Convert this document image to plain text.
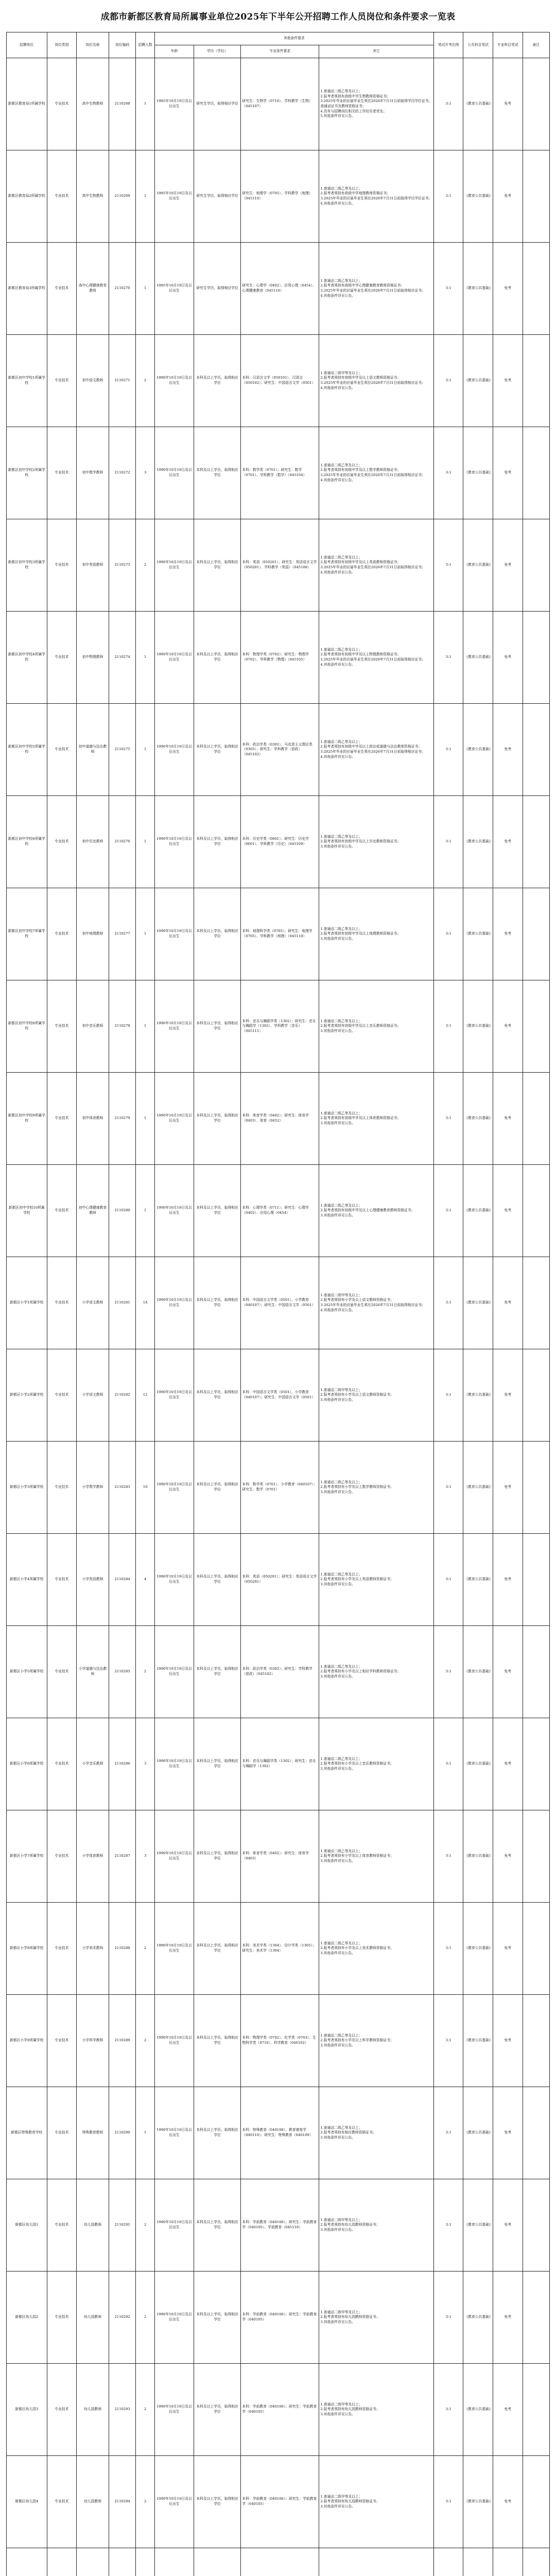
成都市新都区教育局所属事业单位2025年下半年公开招聘工作人员岗位和条件要求一览表
招聘单位	岗位类别	岗位名称	岗位编码	招聘人数	其他条件要求				笔试开考比例	公共科目笔试	专业科目笔试	备注
					年龄	学历（学位）	专业条件要求	其它				
新都区教育局1所属学校	专业技术	高中生物教师	2110268	1	1985年10月19日及以后出生	研究生学历，取得相应学位	研究生：生物学（0710）、学科教学（生物）（045107）	1.普通话二级乙等及以上；
2.报考者须持有高级中学生物教师资格证书；
3.2025年毕业的应届毕业生须在2026年7月31日前取得学历学位证书、普通话证书及教师资格证书；
4.具有与招聘岗位相关的工作经历者优先；
5.其他条件详见公告。	3:1	《教育公共基础》	免考	
新都区教育局2所属学校	专业技术	高中生物教师	2110269	1	1985年10月19日及以后出生	研究生学历，取得相应学位	研究生：地理学（0705）、学科教学（地理）（045110）	1.普通话二级乙等及以上；
2.报考者须持有高级中学地理教师资格证书；
3.2025年毕业的应届毕业生须在2026年7月31日前取得学历学位证书；
4.其他条件详见公告。	3:1	《教育公共基础》	免考	
新都区教育局3所属学校	专业技术	高中心理健康教育教师	2110270	1	1985年10月19日及以后出生	研究生学历，取得相应学位	研究生：心理学（0402）、应用心理（0454）、心理健康教育（045116）	1.普通话二级乙等及以上；
2.报考者须持有高级中学心理健康教育教师资格证书；
3.2025年毕业的应届毕业生须在2026年7月31日前取得相应证书；
4.其他条件详见公告。	3:1	《教育公共基础》	免考	
新都区初中学校1所属学校	专业技术	初中语文教师	2110271	2	1990年10月19日及以后出生	本科及以上学历，取得相应学位	本科：汉语言文学（050101）、汉语言（050102）；研究生：中国语言文学（0501）	1.普通话二级甲等及以上；
2.报考者须持有初级中学及以上语文教师资格证书；
3.2025年毕业的应届毕业生须在2026年7月31日前取得相应证书；
4.其他条件详见公告。	3:1	《教育公共基础》	免考	
新都区初中学校2所属学校	专业技术	初中数学教师	2110272	3	1990年10月19日及以后出生	本科及以上学历，取得相应学位	本科：数学类（0701）；研究生：数学（0701）、学科教学（数学）（045104）	1.普通话二级乙等及以上；
2.报考者须持有初级中学及以上数学教师资格证书；
3.2025年毕业的应届毕业生须在2026年7月31日前取得相应证书；
4.其他条件详见公告。	3:1	《教育公共基础》	免考	
新都区初中学校3所属学校	专业技术	初中英语教师	2110273	2	1990年10月19日及以后出生	本科及以上学历，取得相应学位	本科：英语（050201）；研究生：英语语言文学（050201）、学科教学（英语）（045108）	1.普通话二级乙等及以上；
2.报考者须持有初级中学及以上英语教师资格证书；
3.2025年毕业的应届毕业生须在2026年7月31日前取得相应证书；
4.其他条件详见公告。	3:1	《教育公共基础》	免考	
新都区初中学校4所属学校	专业技术	初中物理教师	2110274	1	1990年10月19日及以后出生	本科及以上学历，取得相应学位	本科：物理学类（0702）；研究生：物理学（0702）、学科教学（物理）（045105）	1.普通话二级乙等及以上；
2.报考者须持有初级中学及以上物理教师资格证书；
3.2025年毕业的应届毕业生须在2026年7月31日前取得相应证书；
4.其他条件详见公告。	3:1	《教育公共基础》	免考	
新都区初中学校5所属学校	专业技术	初中道德与法治教师	2110275	1	1990年10月19日及以后出生	本科及以上学历，取得相应学位	本科：政治学类（0302）、马克思主义理论类（0305）；研究生：学科教学（思政）（045102）	1.普通话二级乙等及以上；
2.报考者须持有初级中学及以上政治或道德与法治教师资格证书；
3.2025年毕业的应届毕业生须在2026年7月31日前取得相应证书；
4.其他条件详见公告。	3:1	《教育公共基础》	免考	
新都区初中学校6所属学校	专业技术	初中历史教师	2110276	1	1990年10月19日及以后出生	本科及以上学历，取得相应学位	本科：历史学类（0601）；研究生：历史学（0601）、学科教学（历史）（045109）	1.普通话二级乙等及以上；
2.报考者须持有初级中学及以上历史教师资格证书；
3.其他条件详见公告。	3:1	《教育公共基础》	免考	
新都区初中学校7所属学校	专业技术	初中地理教师	2110277	1	1990年10月19日及以后出生	本科及以上学历，取得相应学位	本科：地理科学类（0705）；研究生：地理学（0705）、学科教学（地理）（045110）	1.普通话二级乙等及以上；
2.报考者须持有初级中学及以上地理教师资格证书；
3.其他条件详见公告。	3:1	《教育公共基础》	免考	
新都区初中学校8所属学校	专业技术	初中音乐教师	2110278	1	1990年10月19日及以后出生	本科及以上学历，取得相应学位	本科：音乐与舞蹈学类（1302）；研究生：音乐与舞蹈学（1302）、学科教学（音乐）（045111）	1.普通话二级乙等及以上；
2.报考者须持有初级中学及以上音乐教师资格证书；
3.其他条件详见公告。	3:1	《教育公共基础》	免考	
新都区初中学校9所属学校	专业技术	初中体育教师	2110279	1	1990年10月19日及以后出生	本科及以上学历，取得相应学位	本科：体育学类（0402）；研究生：体育学（0403）、体育（0452）	1.普通话二级乙等及以上；
2.报考者须持有初级中学及以上体育教师资格证书；
3.其他条件详见公告。	3:1	《教育公共基础》	免考	
新都区初中学校10所属学校	专业技术	初中心理健康教育教师	2110280	1	1990年10月19日及以后出生	本科及以上学历，取得相应学位	本科：心理学类（0711）；研究生：心理学（0402）、应用心理（0454）	1.普通话二级乙等及以上；
2.报考者须持有初级中学及以上心理健康教育教师资格证书；
3.其他条件详见公告。	3:1	《教育公共基础》	免考	
新都区小学1所属学校	专业技术	小学语文教师	2110281	14	1990年10月19日及以后出生	本科及以上学历，取得相应学位	本科：中国语言文学类（0501）、小学教育（040107）；研究生：中国语言文学（0501）	1.普通话二级甲等及以上；
2.报考者须持有小学及以上语文教师资格证书；
3.2025年毕业的应届毕业生须在2026年7月31日前取得相应证书；
4.其他条件详见公告。	3:1	《教育公共基础》	免考	
新都区小学2所属学校	专业技术	小学语文教师	2110282	12	1990年10月19日及以后出生	本科及以上学历，取得相应学位	本科：中国语言文学类（0501）、小学教育（040107）；研究生：中国语言文学（0501）	1.普通话二级甲等及以上；
2.报考者须持有小学及以上语文教师资格证书；
3.其他条件详见公告。	3:1	《教育公共基础》	免考	
新都区小学3所属学校	专业技术	小学数学教师	2110283	10	1990年10月19日及以后出生	本科及以上学历，取得相应学位	本科：数学类（0701）、小学教育（040107）；研究生：数学（0701）	1.普通话二级乙等及以上；
2.报考者须持有小学及以上数学教师资格证书；
3.其他条件详见公告。	3:1	《教育公共基础》	免考	
新都区小学4所属学校	专业技术	小学英语教师	2110284	4	1990年10月19日及以后出生	本科及以上学历，取得相应学位	本科：英语（050201）；研究生：英语语言文学（050201）	1.普通话二级乙等及以上；
2.报考者须持有小学及以上英语教师资格证书；
3.其他条件详见公告。	3:1	《教育公共基础》	免考	
新都区小学5所属学校	专业技术	小学道德与法治教师	2110285	2	1990年10月19日及以后出生	本科及以上学历，取得相应学位	本科：政治学类（0302）；研究生：学科教学（思政）（045102）	1.普通话二级乙等及以上；
2.报考者须持有小学及以上相应学科教师资格证书；
3.其他条件详见公告。	3:1	《教育公共基础》	免考	
新都区小学6所属学校	专业技术	小学音乐教师	2110286	3	1990年10月19日及以后出生	本科及以上学历，取得相应学位	本科：音乐与舞蹈学类（1302）；研究生：音乐与舞蹈学（1302）	1.普通话二级乙等及以上；
2.报考者须持有小学及以上音乐教师资格证书；
3.其他条件详见公告。	3:1	《教育公共基础》	免考	
新都区小学7所属学校	专业技术	小学体育教师	2110287	3	1990年10月19日及以后出生	本科及以上学历，取得相应学位	本科：体育学类（0402）；研究生：体育学（0403）	1.普通话二级乙等及以上；
2.报考者须持有小学及以上体育教师资格证书；
3.其他条件详见公告。	3:1	《教育公共基础》	免考	
新都区小学8所属学校	专业技术	小学美术教师	2110288	2	1990年10月19日及以后出生	本科及以上学历，取得相应学位	本科：美术学类（1304）、设计学类（1305）；研究生：美术学（1304）	1.普通话二级乙等及以上；
2.报考者须持有小学及以上美术教师资格证书；
3.其他条件详见公告。	3:1	《教育公共基础》	免考	
新都区小学9所属学校	专业技术	小学科学教师	2110289	2	1990年10月19日及以后出生	本科及以上学历，取得相应学位	本科：物理学类（0702）、化学类（0703）、生物科学类（0710）、科学教育（040102）	1.普通话二级乙等及以上；
2.报考者须持有小学及以上科学教师资格证书；
3.其他条件详见公告。	3:1	《教育公共基础》	免考	
新都区特殊教育学校	专业技术	特殊教育教师	2110290	1	1990年10月19日及以后出生	本科及以上学历，取得相应学位	本科：特殊教育（040108）、教育康复学（040110）；研究生：特殊教育（040109）	1.普通话二级乙等及以上；
2.报考者须持有相应教师资格证书；
3.其他条件详见公告。	3:1	《教育公共基础》	免考	
新都区幼儿园1	专业技术	幼儿园教师	2110291	2	1990年10月19日及以后出生	本科及以上学历，取得相应学位	本科：学前教育（040106）；研究生：学前教育学（040105）、学前教育（045118）	1.普通话二级甲等及以上；
2.报考者须持有幼儿园教师资格证书；
3.其他条件详见公告。	3:1	《教育公共基础》	免考	
新都区幼儿园2	专业技术	幼儿园教师	2110292	2	1990年10月19日及以后出生	本科及以上学历，取得相应学位	本科：学前教育（040106）；研究生：学前教育学（040105）	1.普通话二级甲等及以上；
2.报考者须持有幼儿园教师资格证书；
3.其他条件详见公告。	3:1	《教育公共基础》	免考	
新都区幼儿园3	专业技术	幼儿园教师	2110293	2	1990年10月19日及以后出生	本科及以上学历，取得相应学位	本科：学前教育（040106）；研究生：学前教育学（040105）	1.普通话二级甲等及以上；
2.报考者须持有幼儿园教师资格证书；
3.其他条件详见公告。	3:1	《教育公共基础》	免考	
新都区幼儿园4	专业技术	幼儿园教师	2110294	2	1990年10月19日及以后出生	本科及以上学历，取得相应学位	本科：学前教育（040106）；研究生：学前教育学（040105）	1.普通话二级甲等及以上；
2.报考者须持有幼儿园教师资格证书；
3.其他条件详见公告。	3:1	《教育公共基础》	免考	
